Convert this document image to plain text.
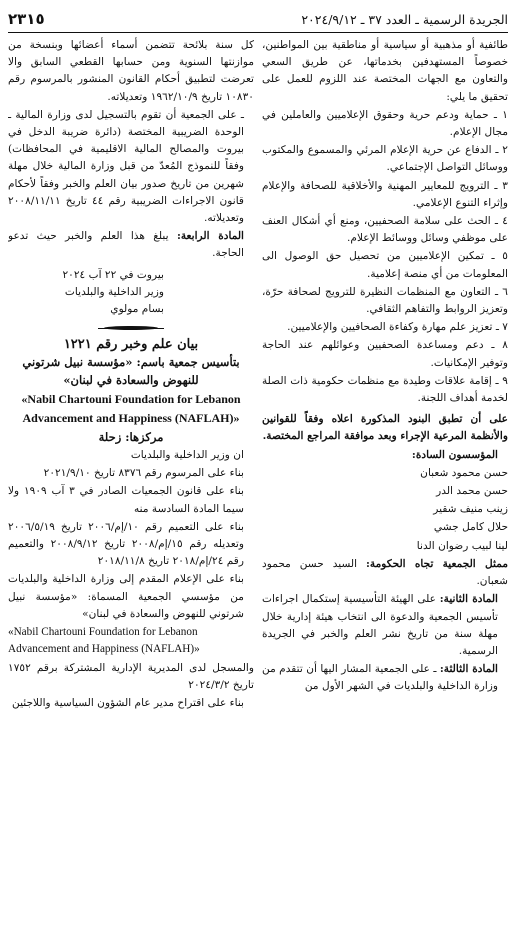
الجريدة الرسمية ـ العدد ٣٧ ـ ٢٠٢٤/٩/١٢
٢٣١٥

طائفية أو مذهبية أو سياسية أو مناطقية بين المواطنين، خصوصاً المستهدفين بخدماتها، عن طريق السعي والتعاون مع الجهات المختصة عند اللزوم للعمل على تحقيق ما يلي:

١ ـ حماية ودعم حرية وحقوق الإعلاميين والعاملين في مجال الإعلام.

٢ ـ الدفاع عن حرية الإعلام المرئي والمسموع والمكتوب ووسائل التواصل الإجتماعي.

٣ ـ الترويج للمعايير المهنية والأخلاقية للصحافة والإعلام وإثراء التنوع الإعلامي.

٤ ـ الحث على سلامة الصحفيين، ومنع أي أشكال العنف على موظفي وسائل ووسائط الإعلام.

٥ ـ تمكين الإعلاميين من تحصيل حق الوصول الى المعلومات من أي منصة إعلامية.

٦ ـ التعاون مع المنظمات النظيرة للترويج لصحافة حرّة، وتعزيز الروابط والتفاهم الثقافي.

٧ ـ تعزيز علم مهارة وكفاءة الصحافيين والإعلاميين.

٨ ـ دعم ومساعدة الصحفيين وعوائلهم عند الحاجة وتوفير الإمكانيات.

٩ ـ إقامة علاقات وطيدة مع منظمات حكومية ذات الصلة لخدمة أهداف اللجنة.

على أن تطبق البنود المذكورة اعلاه وفقاً للقوانين والأنظمة المرعية الإجراء وبعد موافقة المراجع المختصة.

المؤسسون السادة:

حسن محمود شعبان

حسن محمد الدر

زينب منيف شقير

حلال كامل جشي

لينا لبيب رضوان الدنا

ممثل الجمعية تجاه الحكومة: السيد حسن محمود شعبان.

المادة الثانية: على الهيئة التأسيسية إستكمال اجراءات تأسيس الجمعية والدعوة الى انتخاب هيئة إدارية خلال مهلة سنة من تاريخ نشر العلم والخبر في الجريدة الرسمية.

المادة الثالثة: ـ على الجمعية المشار اليها أن تتقدم من وزارة الداخلية والبلديات في الشهر الأول من

كل سنة بلائحة تتضمن أسماء أعضائها وبنسخة من موازنتها السنوية ومن حسابها القطعي السابق والا تعرضت لتطبيق أحكام القانون المنشور بالمرسوم رقم ١٠٨٣٠ تاريخ ١٩٦٢/١٠/٩ وتعديلاته.

ـ على الجمعية أن تقوم بالتسجيل لدى وزارة المالية ـ الوحدة الضريبية المختصة (دائرة ضريبة الدخل في بيروت والمصالح المالية الاقليمية في المحافظات) وفقاً للنموذج المُعدّ من قبل وزارة المالية خلال مهلة شهرين من تاريخ صدور بيان العلم والخبر وفقاً لأحكام قانون الاجراءات الضريبية رقم ٤٤ تاريخ ٢٠٠٨/١١/١١ وتعديلاته.

المادة الرابعة: يبلغ هذا العلم والخبر حيث تدعو الحاجة.

بيروت في ٢٢ آب ٢٠٢٤

وزير الداخلية والبلديات

بسام مولوي

بيان علم وخبر رقم ١٢٢١

بتأسيس جمعية باسم: «مؤسسة نبيل شرتوني للنهوض والسعادة في لبنان»

«Nabil Chartouni Foundation for Lebanon Advancement and Happiness (NAFLAH)»

مركزها: زحلة

ان وزير الداخلية والبلديات

بناء على المرسوم رقم ٨٣٧٦ تاريخ ٢٠٢١/٩/١٠

بناء على قانون الجمعيات الصادر في ٣ آب ١٩٠٩ ولا سيما المادة السادسة منه

بناء على التعميم رقم ١٠/إم/٢٠٠٦ تاريخ ٢٠٠٦/٥/١٩ وتعديله رقم ١٥/إم/٢٠٠٨ تاريخ ٢٠٠٨/٩/١٢ والتعميم رقم ٢٤/إم/٢٠١٨ تاريخ ٢٠١٨/١١/٨

بناء على الإعلام المقدم إلى وزارة الداخلية والبلديات من مؤسسي الجمعية المسماة: «مؤسسة نبيل شرتوني للنهوض والسعادة في لبنان»

«Nabil Chartouni Foundation for Lebanon Advancement and Happiness (NAFLAH)»

والمسجل لدى المديرية الإدارية المشتركة برقم ١٧٥٢ تاريخ ٢٠٢٤/٣/٢

بناء على اقتراح مدير عام الشؤون السياسية واللاجئين
